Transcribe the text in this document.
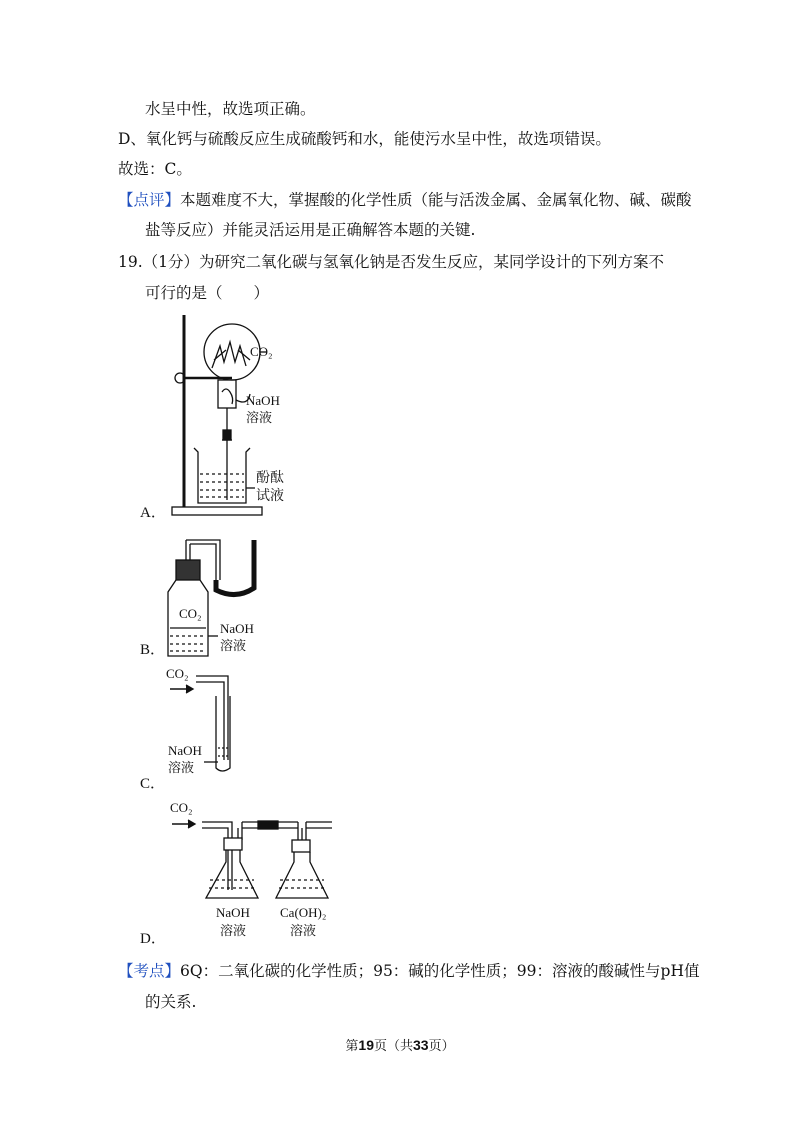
水呈中性，故选项正确。
D、氧化钙与硫酸反应生成硫酸钙和水，能使污水呈中性，故选项错误。
故选：C。
【点评】本题难度不大，掌握酸的化学性质（能与活泼金属、金属氧化物、碱、碳酸
盐等反应）并能灵活运用是正确解答本题的关键.
19.（1分）为研究二氧化碳与氢氧化钠是否发生反应，某同学设计的下列方案不
可行的是（　　）
A．
B．
C．
D．
CO₂
NaOH
溶液
酚酞
试液
CO₂
NaOH
溶液
CO₂
NaOH
溶液
CO₂
NaOH
溶液
Ca(OH)₂
溶液
【考点】6Q：二氧化碳的化学性质；95：碱的化学性质；99：溶液的酸碱性与pH值
的关系.
第19页（共33页）
